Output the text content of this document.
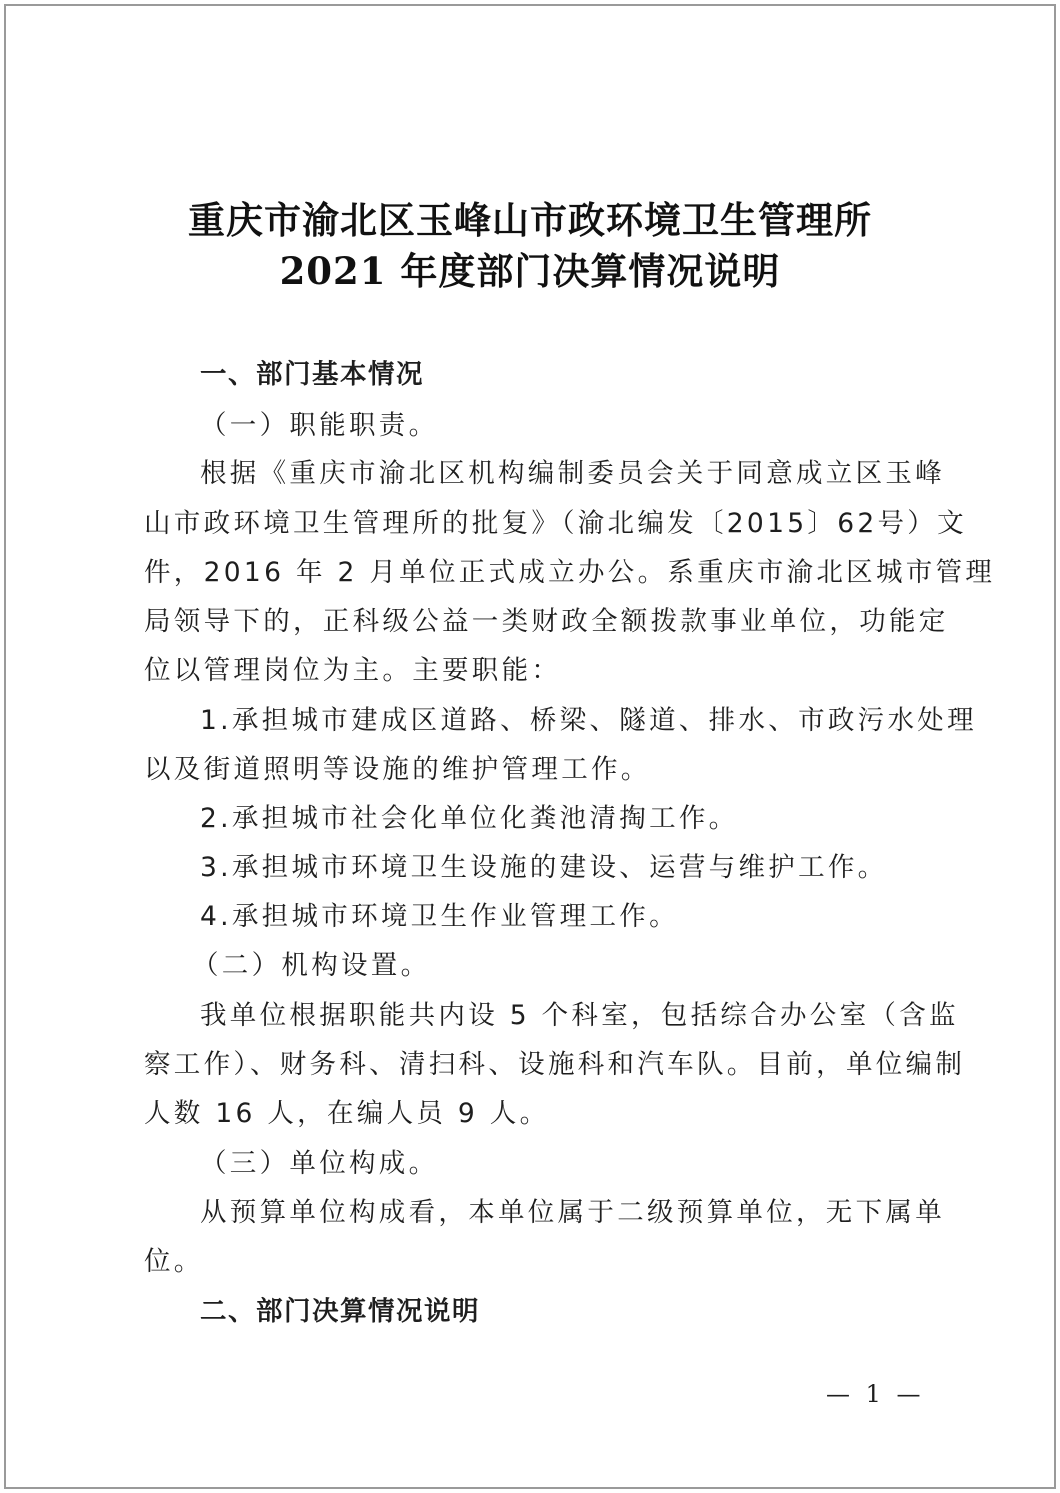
重庆市渝北区玉峰山市政环境卫生管理所
2021 年度部门决算情况说明
一、部门基本情况
（一）职能职责。
根据《重庆市渝北区机构编制委员会关于同意成立区玉峰
山市政环境卫生管理所的批复》（渝北编发〔2015〕62号）文
件，2016 年 2 月单位正式成立办公。系重庆市渝北区城市管理
局领导下的，正科级公益一类财政全额拨款事业单位，功能定
位以管理岗位为主。主要职能：
1.承担城市建成区道路、桥梁、隧道、排水、市政污水处理
以及街道照明等设施的维护管理工作。
2.承担城市社会化单位化粪池清掏工作。
3.承担城市环境卫生设施的建设、运营与维护工作。
4.承担城市环境卫生作业管理工作。
（二）机构设置。
我单位根据职能共内设 5 个科室，包括综合办公室（含监
察工作）、财务科、清扫科、设施科和汽车队。目前，单位编制
人数 16 人，在编人员 9 人。
（三）单位构成。
从预算单位构成看，本单位属于二级预算单位，无下属单
位。
二、部门决算情况说明
— 1 —
